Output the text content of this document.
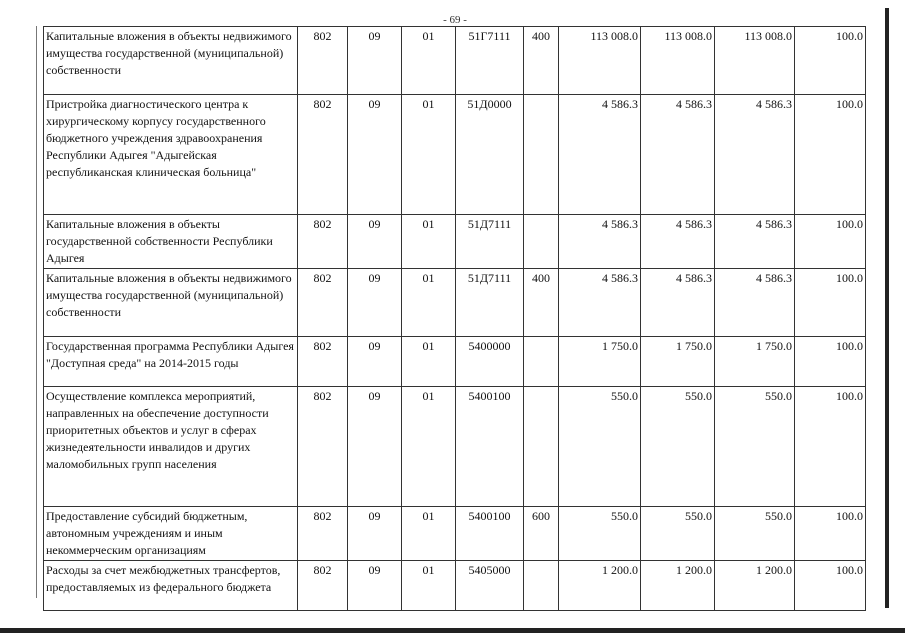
- 69 -
Капитальные вложения в объекты недвижимого имущества государственной (муниципальной) собственности	802	09	01	51Г7111	400	113 008.0	113 008.0	113 008.0	100.0
Пристройка диагностического центра к хирургическому корпусу государственного бюджетного учреждения здравоохранения Республики Адыгея "Адыгейская республиканская клиническая больница"	802	09	01	51Д0000		4 586.3	4 586.3	4 586.3	100.0
Капитальные вложения в объекты государственной собственности Республики Адыгея	802	09	01	51Д7111		4 586.3	4 586.3	4 586.3	100.0
Капитальные вложения в объекты недвижимого имущества государственной (муниципальной) собственности	802	09	01	51Д7111	400	4 586.3	4 586.3	4 586.3	100.0
Государственная программа Республики Адыгея "Доступная среда" на 2014-2015 годы	802	09	01	5400000		1 750.0	1 750.0	1 750.0	100.0
Осуществление комплекса мероприятий, направленных на обеспечение доступности приоритетных объектов и услуг в сферах жизнедеятельности инвалидов и других маломобильных групп населения	802	09	01	5400100		550.0	550.0	550.0	100.0
Предоставление субсидий бюджетным, автономным учреждениям и иным некоммерческим организациям	802	09	01	5400100	600	550.0	550.0	550.0	100.0
Расходы за счет межбюджетных трансфертов, предоставляемых из федерального бюджета	802	09	01	5405000		1 200.0	1 200.0	1 200.0	100.0
